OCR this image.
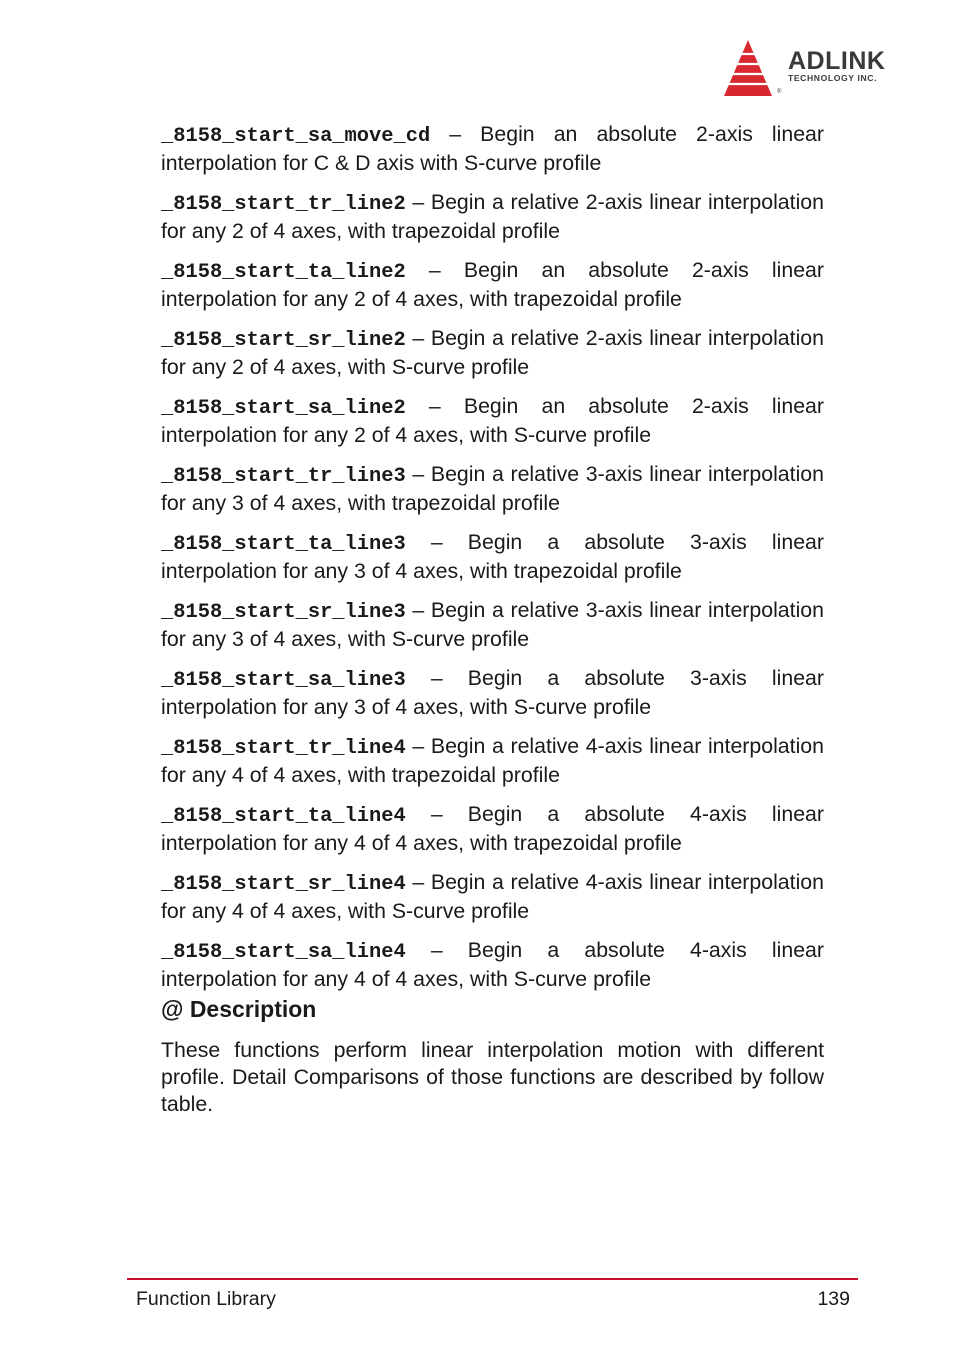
ADLINK
TECHNOLOGY INC.
®

_8158_start_sa_move_cd – Begin an absolute 2-axis linear interpolation for C & D axis with S-curve profile

_8158_start_tr_line2 – Begin a relative 2-axis linear interpolation for any 2 of 4 axes, with trapezoidal profile

_8158_start_ta_line2 – Begin an absolute 2-axis linear interpolation for any 2 of 4 axes, with trapezoidal profile

_8158_start_sr_line2 – Begin a relative 2-axis linear interpolation for any 2 of 4 axes, with S-curve profile

_8158_start_sa_line2 – Begin an absolute 2-axis linear interpolation for any 2 of 4 axes, with S-curve profile

_8158_start_tr_line3 – Begin a relative 3-axis linear interpolation for any 3 of 4 axes, with trapezoidal profile

_8158_start_ta_line3 – Begin a absolute 3-axis linear interpolation for any 3 of 4 axes, with trapezoidal profile

_8158_start_sr_line3 – Begin a relative 3-axis linear interpolation for any 3 of 4 axes, with S-curve profile

_8158_start_sa_line3 – Begin a absolute 3-axis linear interpolation for any 3 of 4 axes, with S-curve profile

_8158_start_tr_line4 – Begin a relative 4-axis linear interpolation for any 4 of 4 axes, with trapezoidal profile

_8158_start_ta_line4 – Begin a absolute 4-axis linear interpolation for any 4 of 4 axes, with trapezoidal profile

_8158_start_sr_line4 – Begin a relative 4-axis linear interpolation for any 4 of 4 axes, with S-curve profile

_8158_start_sa_line4 – Begin a absolute 4-axis linear interpolation for any 4 of 4 axes, with S-curve profile

@ Description

These functions perform linear interpolation motion with different profile. Detail Comparisons of those functions are described by follow table.

Function Library	139
